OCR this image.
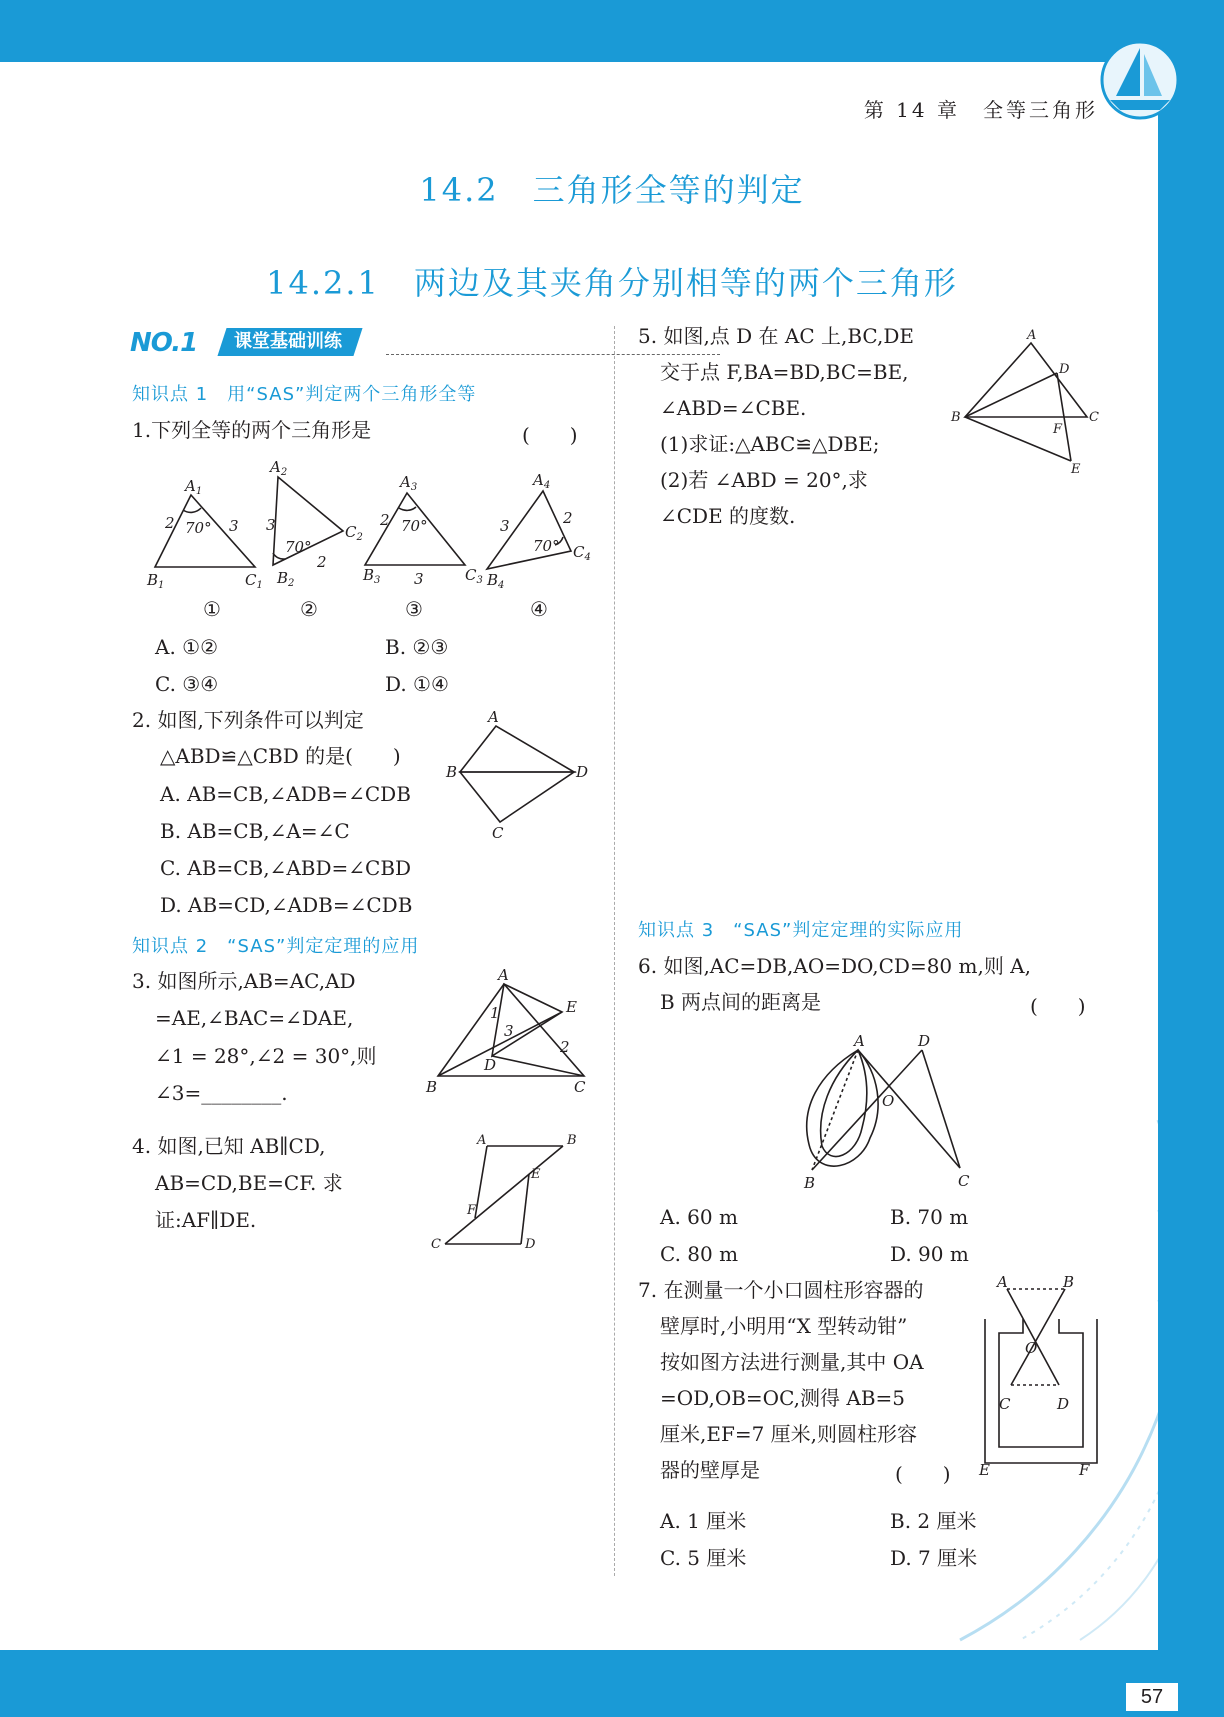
第 14 章　全等三角形
14.2　三角形全等的判定
14.2.1　两边及其夹角分别相等的两个三角形
NO.1	课堂基础训练
知识点 1　用“SAS”判定两个三角形全等
1.下列全等的两个三角形是	(　　)
$A_1$
$B_1$	$C_1$
$A_2$
$B_2$
$C_2$
$A_3$
$B_3$	$C_3$
$A_4$
$B_4$
$C_4$
2	3
70°	3
70°
2
2 70°
3
3	2
70°
①	②	③	④
A. ①②	B. ②③
C. ③④	D. ①④
2. 如图,下列条件可以判定
△ABD≌△CBD 的是(　　)
A. AB=CB,∠ADB=∠CDB
B. AB=CB,∠A=∠C
C. AB=CB,∠ABD=∠CBD
D. AB=CD,∠ADB=∠CDB
A
B	D
C
知识点 2　“SAS”判定定理的应用
3. 如图所示,AB=AC,AD
=AE,∠BAC=∠DAE,
∠1 = 28°,∠2 = 30°,则
∠3=________.
A
B	C
D
E
1
3
2
4. 如图,已知 AB∥CD,
AB=CD,BE=CF. 求
证:AF∥DE.
A	B
C	D
E
F
5. 如图,点 D 在 AC 上,BC,DE
交于点 F,BA=BD,BC=BE,
∠ABD=∠CBE.
(1)求证:△ABC≌△DBE;
(2)若 ∠ABD = 20°,求
∠CDE 的度数.
A
B	C
D
F
E
知识点 3　“SAS”判定定理的实际应用
6. 如图,AC=DB,AO=DO,CD=80 m,则 A,
B 两点间的距离是	(　　)
A	D
B	C
O
A. 60 m	B. 70 m
C. 80 m	D. 90 m
7. 在测量一个小口圆柱形容器的
壁厚时,小明用“X 型转动钳”
按如图方法进行测量,其中 OA
=OD,OB=OC,测得 AB=5
厘米,EF=7 厘米,则圆柱形容
器的壁厚是	(　　)
A	B
O
C	D
E	F
A. 1 厘米	B. 2 厘米
C. 5 厘米	D. 7 厘米
57
